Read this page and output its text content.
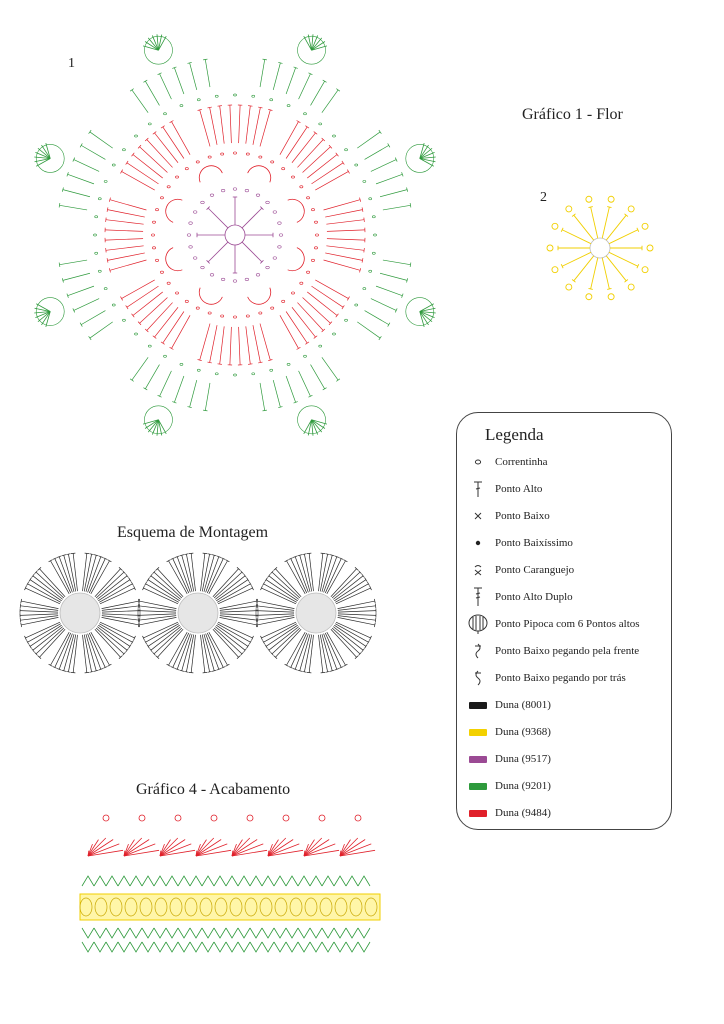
1
Gráfico 1 - Flor
2
Esquema de Montagem
Gráfico 4 - Acabamento
Legenda
Correntinha
Ponto Alto
Ponto Baixo
Ponto Baixíssimo
Ponto Caranguejo
Ponto Alto Duplo
Ponto Pipoca com 6 Pontos altos
Ponto Baixo pegando pela frente
Ponto Baixo pegando por trás
Duna (8001)
Duna (9368)
Duna (9517)
Duna (9201)
Duna (9484)
